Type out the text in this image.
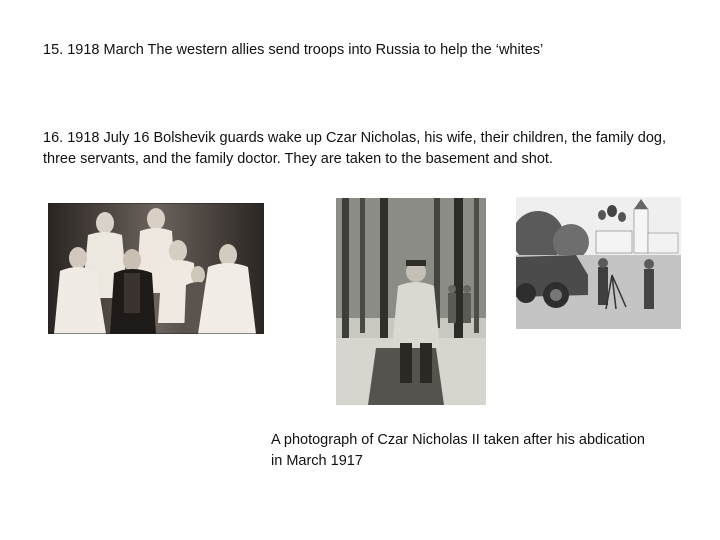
15. 1918 March The western allies send troops into Russia to help the ‘whites’

16. 1918 July 16 Bolshevik guards wake up Czar Nicholas, his wife, their children, the family dog, three servants, and the family doctor. They are taken to the basement and shot.

A photograph of Czar Nicholas II taken after his abdication in March 1917
